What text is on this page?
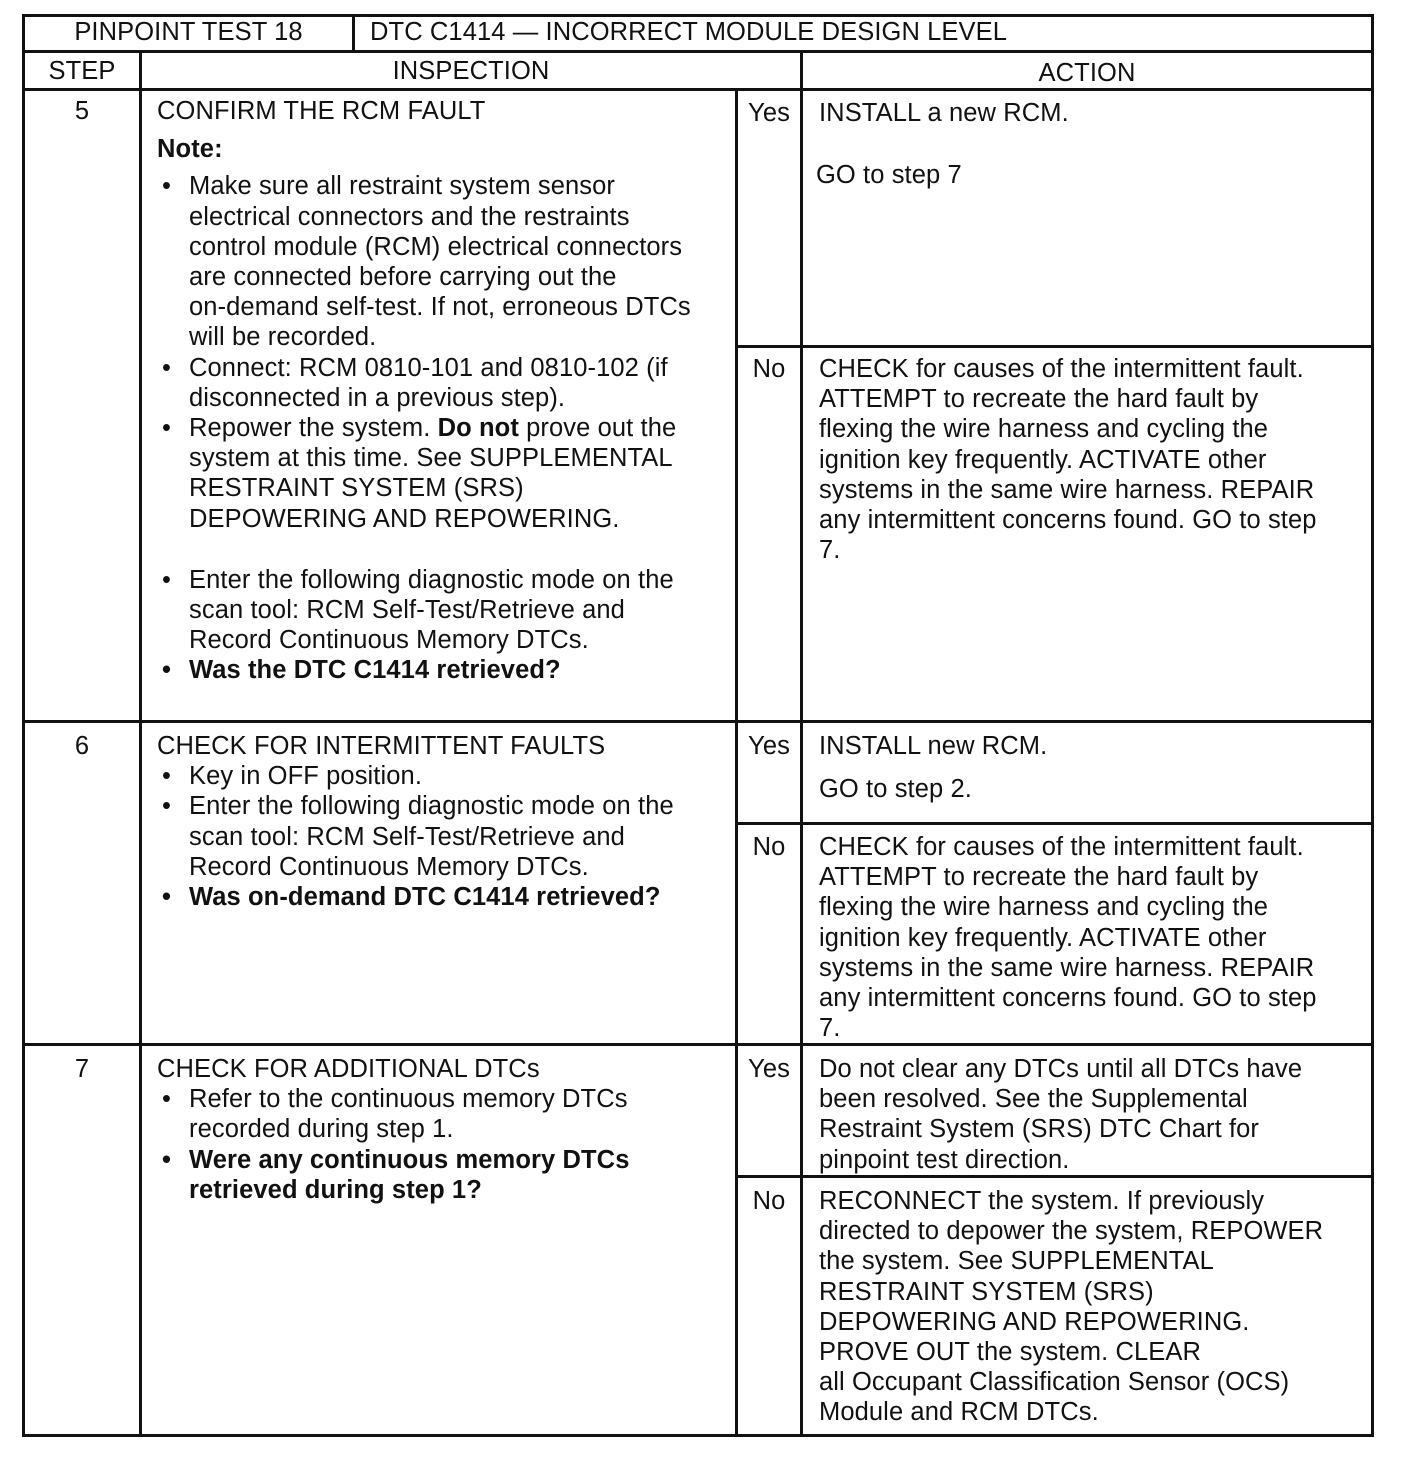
PINPOINT TEST 18	DTC C1414 — INCORRECT MODULE DESIGN LEVEL
STEP	INSPECTION	ACTION
5	CONFIRM THE RCM FAULT
Note:
• Make sure all restraint system sensor
electrical connectors and the restraints
control module (RCM) electrical connectors
are connected before carrying out the
on-demand self-test. If not, erroneous DTCs
will be recorded.
• Connect: RCM 0810-101 and 0810-102 (if
disconnected in a previous step).
• Repower the system. Do not prove out the
system at this time. See SUPPLEMENTAL
RESTRAINT SYSTEM (SRS)
DEPOWERING AND REPOWERING.
• Enter the following diagnostic mode on the
scan tool: RCM Self-Test/Retrieve and
Record Continuous Memory DTCs.
• Was the DTC C1414 retrieved?
Yes	INSTALL a new RCM.
GO to step 7
No	CHECK for causes of the intermittent fault.
ATTEMPT to recreate the hard fault by
flexing the wire harness and cycling the
ignition key frequently. ACTIVATE other
systems in the same wire harness. REPAIR
any intermittent concerns found. GO to step
7.
6	CHECK FOR INTERMITTENT FAULTS
• Key in OFF position.
• Enter the following diagnostic mode on the
scan tool: RCM Self-Test/Retrieve and
Record Continuous Memory DTCs.
• Was on-demand DTC C1414 retrieved?
Yes	INSTALL new RCM.
GO to step 2.
No	CHECK for causes of the intermittent fault.
ATTEMPT to recreate the hard fault by
flexing the wire harness and cycling the
ignition key frequently. ACTIVATE other
systems in the same wire harness. REPAIR
any intermittent concerns found. GO to step
7.
7	CHECK FOR ADDITIONAL DTCs
• Refer to the continuous memory DTCs
recorded during step 1.
• Were any continuous memory DTCs
retrieved during step 1?
Yes	Do not clear any DTCs until all DTCs have
been resolved. See the Supplemental
Restraint System (SRS) DTC Chart for
pinpoint test direction.
No	RECONNECT the system. If previously
directed to depower the system, REPOWER
the system. See SUPPLEMENTAL
RESTRAINT SYSTEM (SRS)
DEPOWERING AND REPOWERING.
PROVE OUT the system. CLEAR
all Occupant Classification Sensor (OCS)
Module and RCM DTCs.
